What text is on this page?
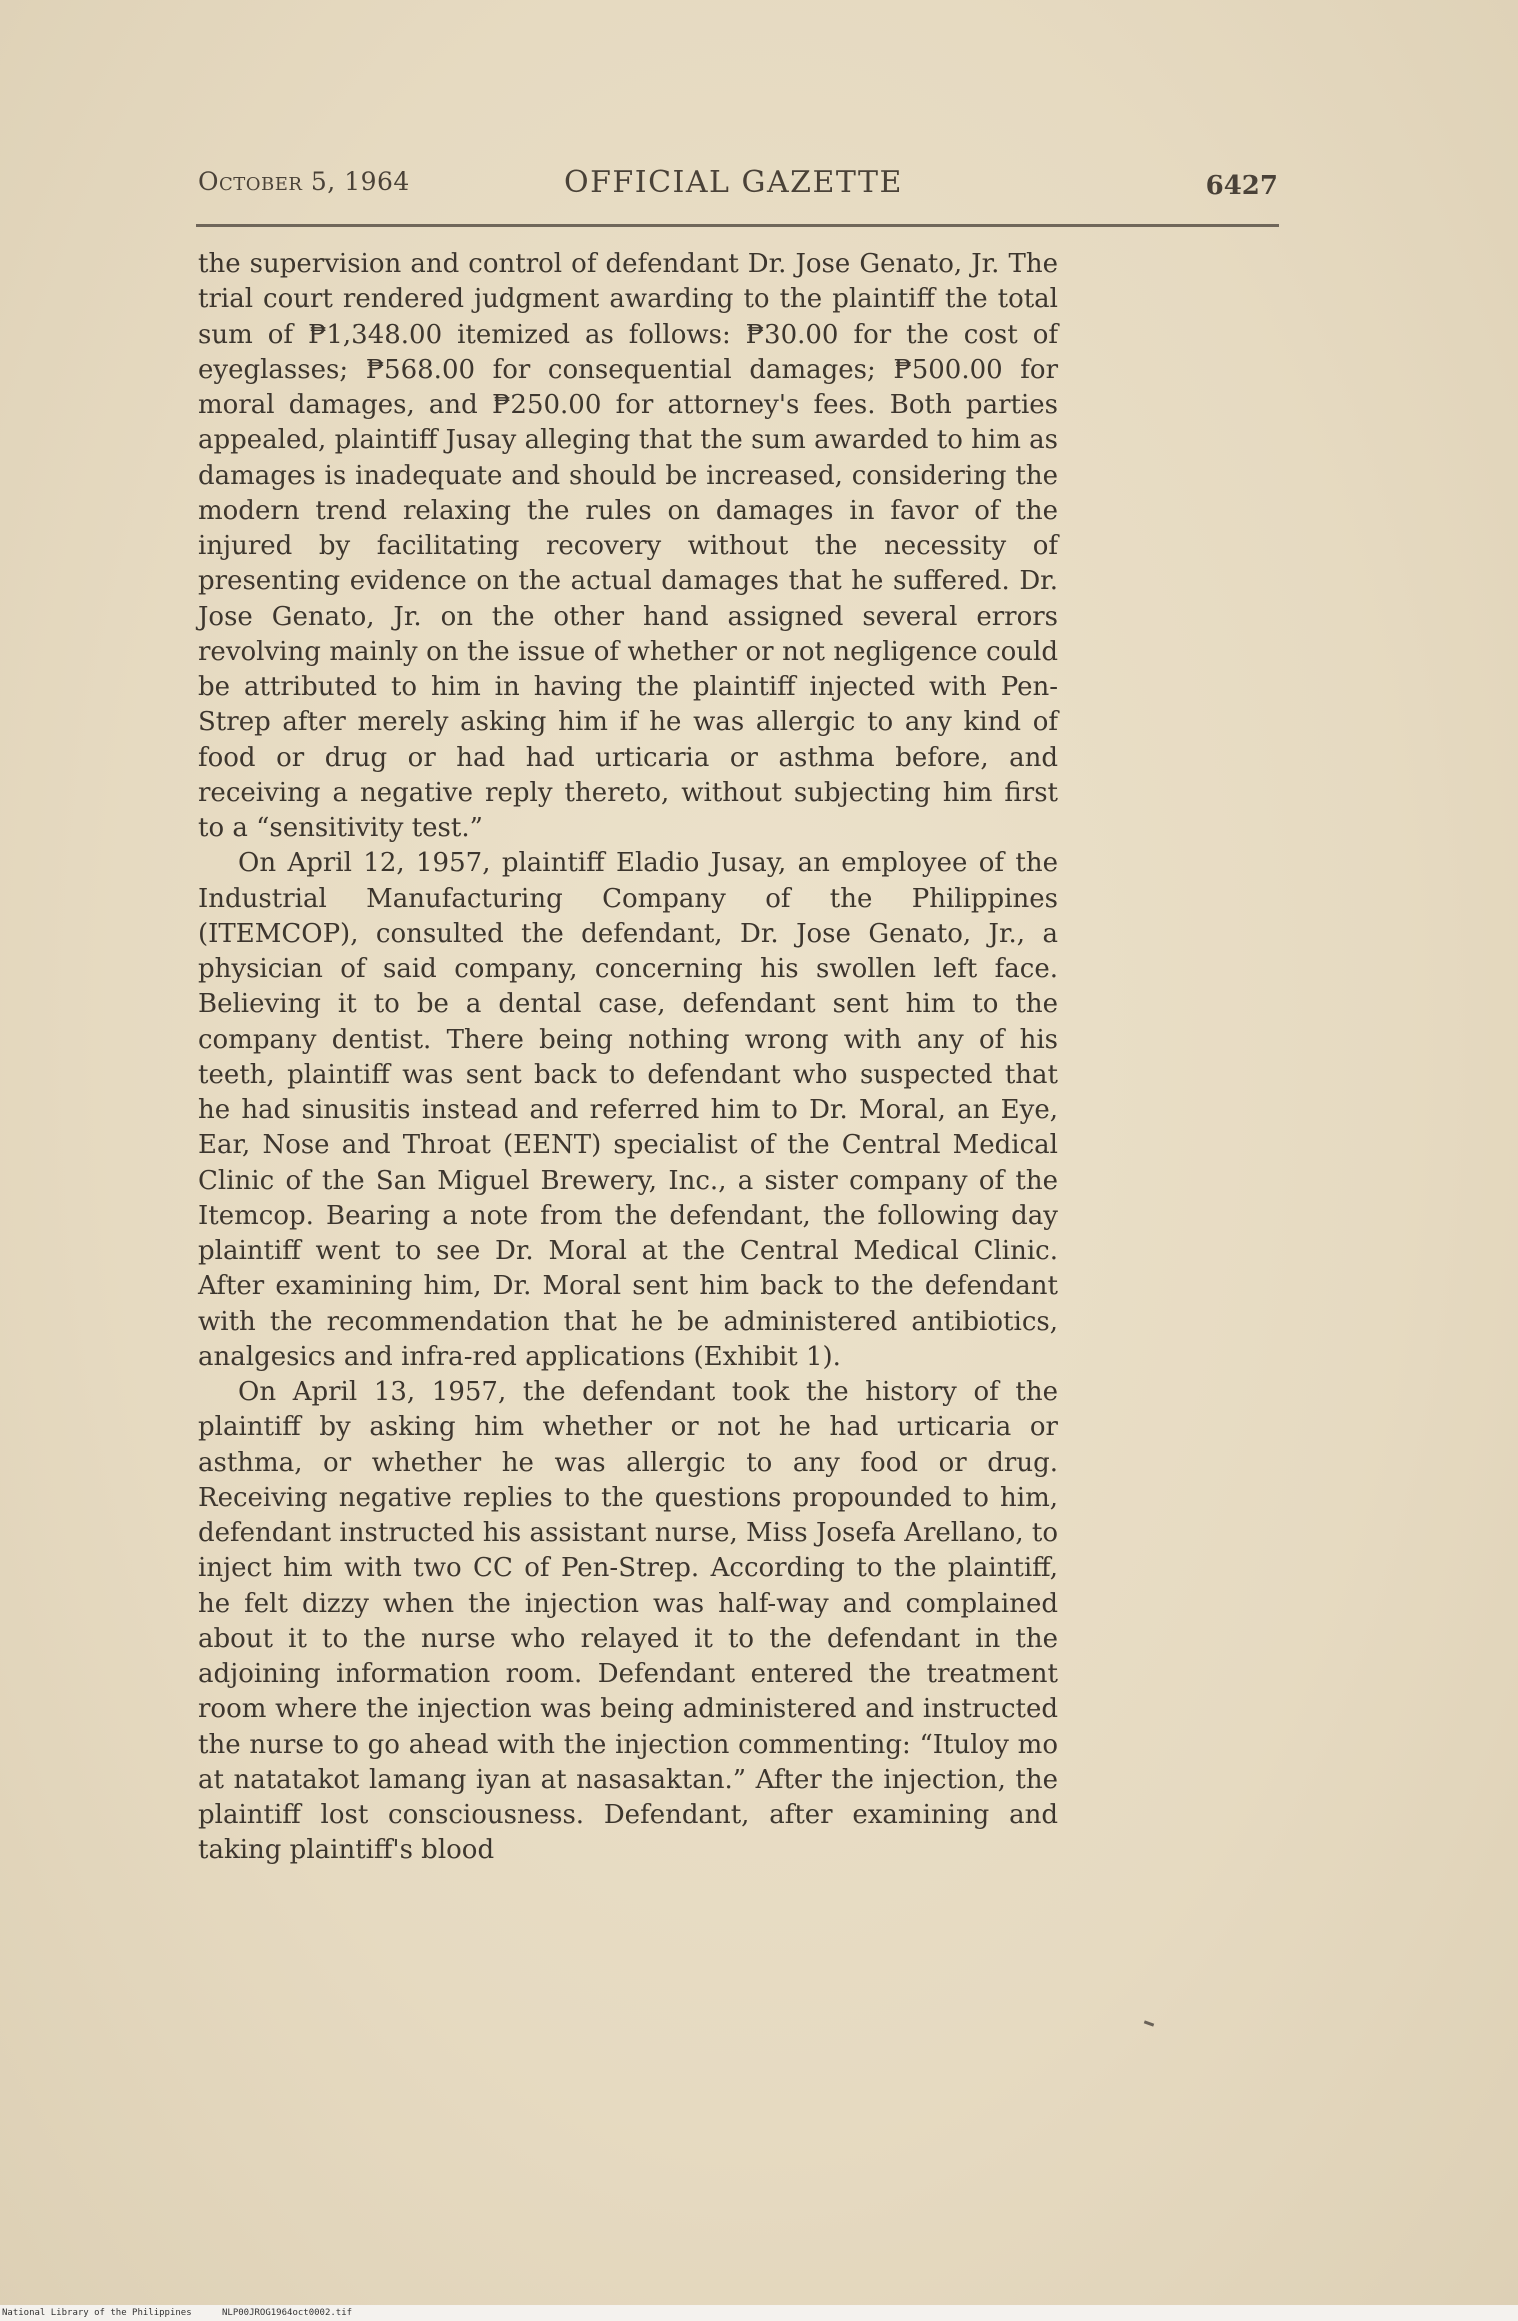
October 5, 1964	OFFICIAL GAZETTE	6427

the supervision and control of defendant Dr. Jose Genato, Jr. The trial court rendered judgment awarding to the plaintiff the total sum of ₱1,348.00 itemized as follows: ₱30.00 for the cost of eyeglasses; ₱568.00 for consequential damages; ₱500.00 for moral damages, and ₱250.00 for attorney's fees. Both parties appealed, plaintiff Jusay alleging that the sum awarded to him as damages is inadequate and should be increased, considering the modern trend relaxing the rules on damages in favor of the injured by facilitating recovery without the necessity of presenting evidence on the actual damages that he suffered. Dr. Jose Genato, Jr. on the other hand assigned several errors revolving mainly on the issue of whether or not negligence could be attributed to him in having the plaintiff injected with Pen-Strep after merely asking him if he was allergic to any kind of food or drug or had had urticaria or asthma before, and receiving a negative reply thereto, without subjecting him first to a “sensitivity test.”

On April 12, 1957, plaintiff Eladio Jusay, an employee of the Industrial Manufacturing Company of the Philippines (ITEMCOP), consulted the defendant, Dr. Jose Genato, Jr., a physician of said company, concerning his swollen left face. Believing it to be a dental case, defendant sent him to the company dentist. There being nothing wrong with any of his teeth, plaintiff was sent back to defendant who suspected that he had sinusitis instead and referred him to Dr. Moral, an Eye, Ear, Nose and Throat (EENT) specialist of the Central Medical Clinic of the San Miguel Brewery, Inc., a sister company of the Itemcop. Bearing a note from the defendant, the following day plaintiff went to see Dr. Moral at the Central Medical Clinic. After examining him, Dr. Moral sent him back to the defendant with the recommendation that he be administered antibiotics, analgesics and infra-red applications (Exhibit 1).

On April 13, 1957, the defendant took the history of the plaintiff by asking him whether or not he had urticaria or asthma, or whether he was allergic to any food or drug. Receiving negative replies to the questions propounded to him, defendant instructed his assistant nurse, Miss Josefa Arellano, to inject him with two CC of Pen-Strep. According to the plaintiff, he felt dizzy when the injection was half-way and complained about it to the nurse who relayed it to the defendant in the adjoining information room. Defendant entered the treatment room where the injection was being administered and instructed the nurse to go ahead with the injection commenting: “Ituloy mo at natatakot lamang iyan at nasasaktan.” After the injection, the plaintiff lost consciousness. Defendant, after examining and taking plaintiff's blood

National Library of the Philippines	NLP00JROG1964oct0002.tif
